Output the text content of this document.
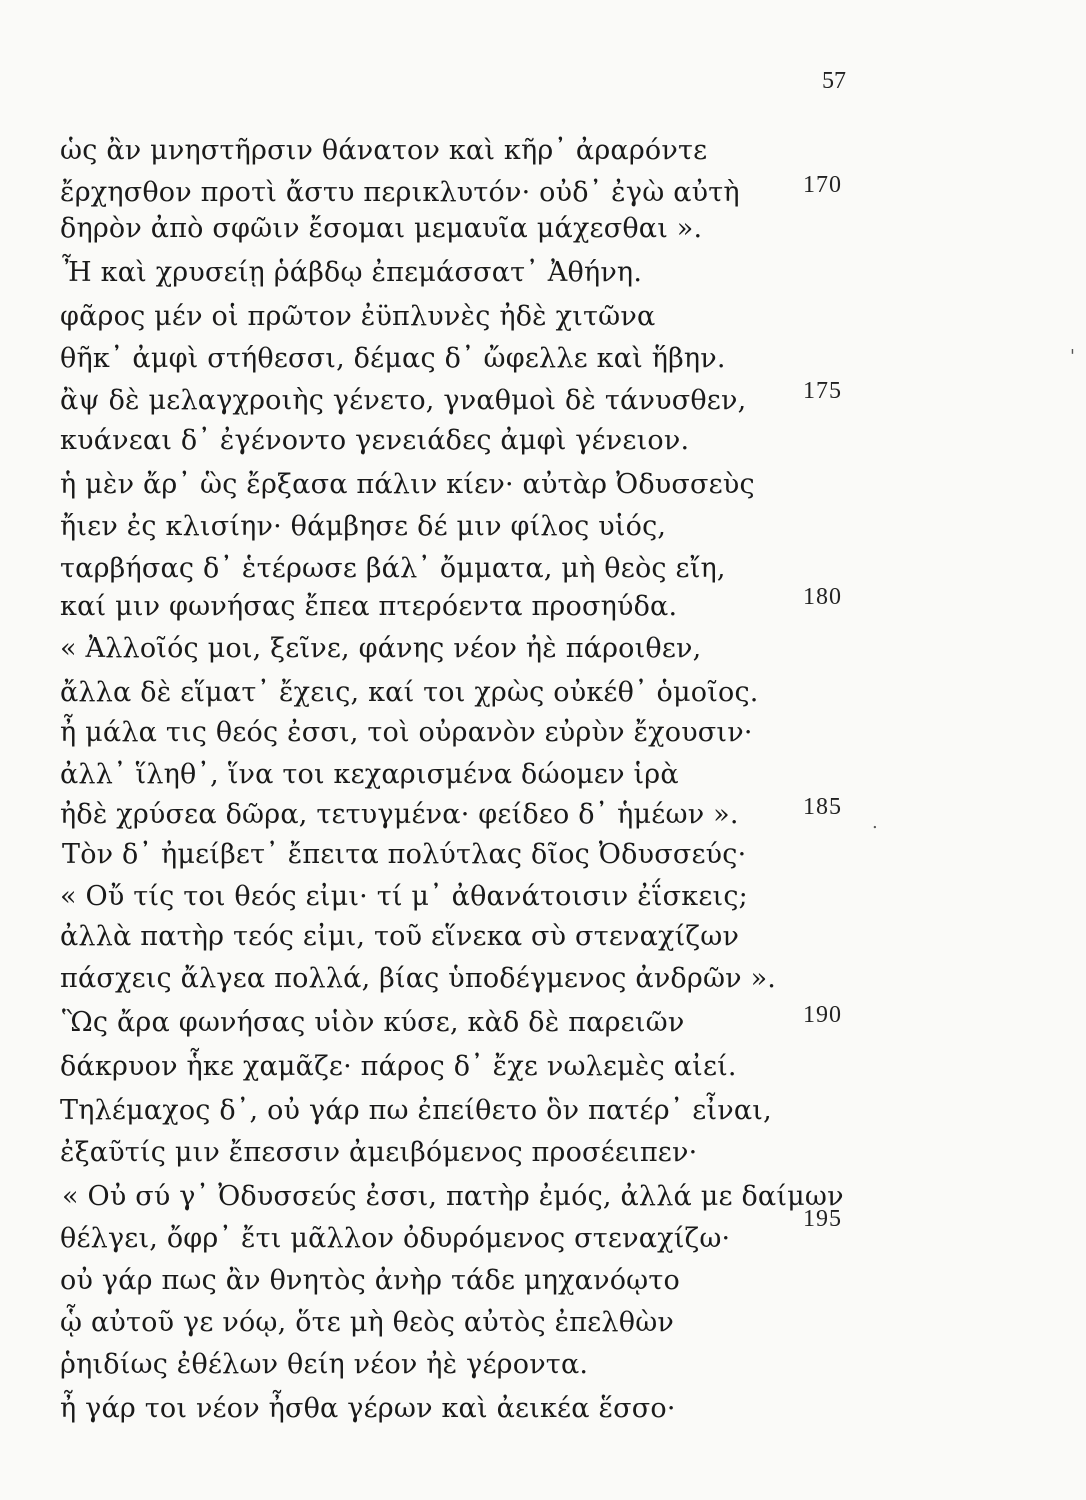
57
ὡς ἂν μνηστῆρσιν θάνατον καὶ κῆρ᾽ ἀραρόντε
ἔρχησθον προτὶ ἄστυ περικλυτόν· οὐδ᾽ ἐγὼ αὐτὴ	170
δηρὸν ἀπὸ σφῶιν ἔσομαι μεμαυῖα μάχεσθαι ».
Ἦ καὶ χρυσείῃ ῥάβδῳ ἐπεμάσσατ᾽ Ἀθήνη.
φᾶρος μέν οἱ πρῶτον ἐϋπλυνὲς ἠδὲ χιτῶνα
θῆκ᾽ ἀμφὶ στήθεσσι, δέμας δ᾽ ὤφελλε καὶ ἥβην.
ἂψ δὲ μελαγχροιὴς γένετο, γναθμοὶ δὲ τάνυσθεν, 175
κυάνεαι δ᾽ ἐγένοντο γενειάδες ἀμφὶ γένειον.
ἡ μὲν ἄρ᾽ ὣς ἔρξασα πάλιν κίεν· αὐτὰρ Ὀδυσσεὺς
ἤιεν ἐς κλισίην· θάμβησε δέ μιν φίλος υἱός,
ταρβήσας δ᾽ ἑτέρωσε βάλ᾽ ὄμματα, μὴ θεὸς εἴη,
καί μιν φωνήσας ἔπεα πτερόεντα προσηύδα.	180
« Ἀλλοῖός μοι, ξεῖνε, φάνης νέον ἠὲ πάροιθεν,
ἄλλα δὲ εἵματ᾽ ἔχεις, καί τοι χρὼς οὐκέθ᾽ ὁμοῖος.
ἦ μάλα τις θεός ἐσσι, τοὶ οὐρανὸν εὐρὺν ἔχουσιν·
ἀλλ᾽ ἵληθ᾽, ἵνα τοι κεχαρισμένα δώομεν ἱρὰ
ἠδὲ χρύσεα δῶρα, τετυγμένα· φείδεο δ᾽ ἡμέων ».
Τὸν δ᾽ ἠμείβετ᾽ ἔπειτα πολύτλας δῖος Ὀδυσσεύς·
185
« Οὔ τίς τοι θεός εἰμι· τί μ᾽ ἀθανάτοισιν ἐΐσκεις;
ἀλλὰ πατὴρ τεός εἰμι, τοῦ εἵνεκα σὺ στεναχίζων
πάσχεις ἄλγεα πολλά, βίας ὑποδέγμενος ἀνδρῶν ».
Ὣς ἄρα φωνήσας υἱὸν κύσε, κὰδ δὲ παρειῶν	190
δάκρυον ἧκε χαμᾶζε· πάρος δ᾽ ἔχε νωλεμὲς αἰεί.
Τηλέμαχος δ᾽, οὐ γάρ πω ἐπείθετο ὃν πατέρ᾽ εἶναι,
ἐξαῦτίς μιν ἔπεσσιν ἀμειβόμενος προσέειπεν·
« Οὐ σύ γ᾽ Ὀδυσσεύς ἐσσι, πατὴρ ἐμός, ἀλλά με δαίμων
θέλγει, ὄφρ᾽ ἔτι μᾶλλον ὀδυρόμενος στεναχίζω·
195
οὐ γάρ πως ἂν θνητὸς ἀνὴρ τάδε μηχανόῳτο
ᾧ αὐτοῦ γε νόῳ, ὅτε μὴ θεὸς αὐτὸς ἐπελθὼν
ῥηιδίως ἐθέλων θείη νέον ἠὲ γέροντα.
ἦ γάρ τοι νέον ἦσθα γέρων καὶ ἀεικέα ἕσσο·
.
'
